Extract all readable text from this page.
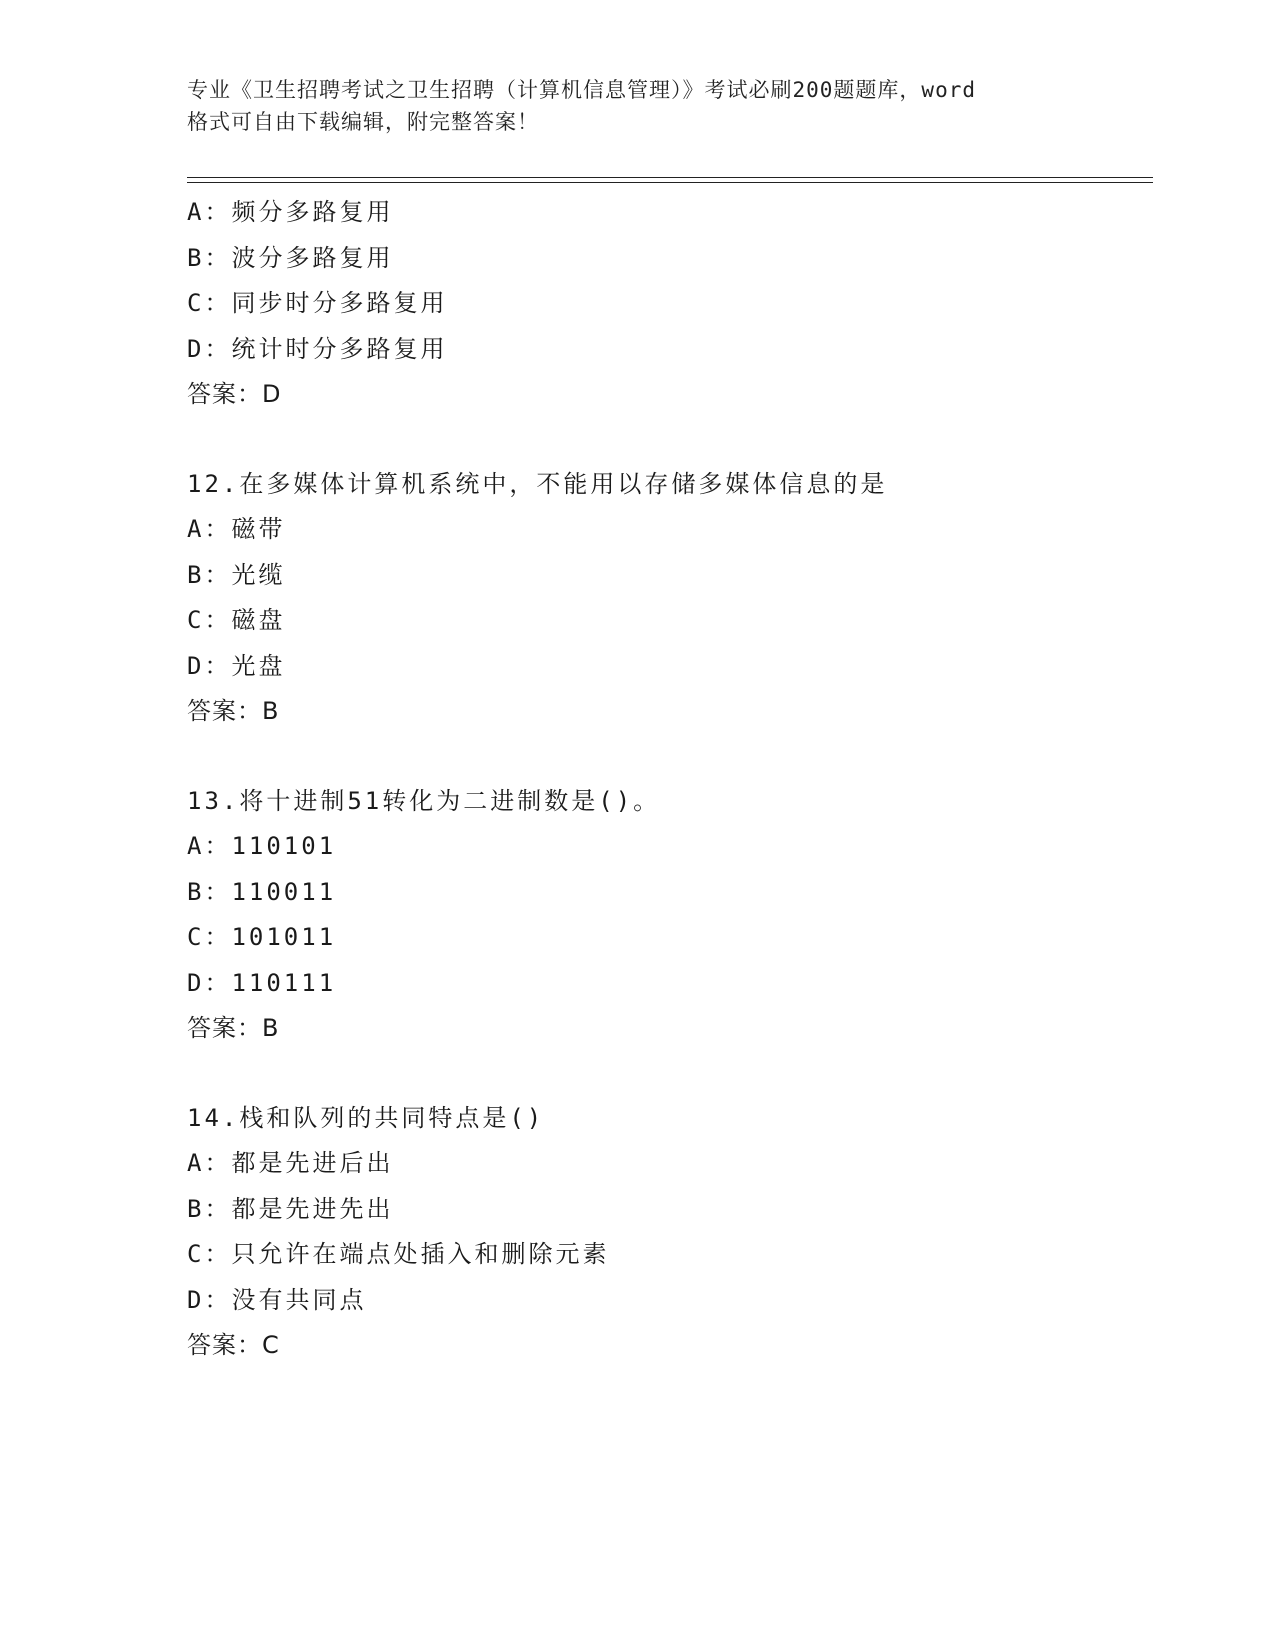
专业《卫生招聘考试之卫生招聘（计算机信息管理）》考试必刷200题题库，word
格式可自由下载编辑，附完整答案！
A：频分多路复用
B：波分多路复用
C：同步时分多路复用
D：统计时分多路复用
答案：D
12.在多媒体计算机系统中，不能用以存储多媒体信息的是
A：磁带
B：光缆
C：磁盘
D：光盘
答案：B
13.将十进制51转化为二进制数是()。
A：110101
B：110011
C：101011
D：110111
答案：B
14.栈和队列的共同特点是()
A：都是先进后出
B：都是先进先出
C：只允许在端点处插入和删除元素
D：没有共同点
答案：C
